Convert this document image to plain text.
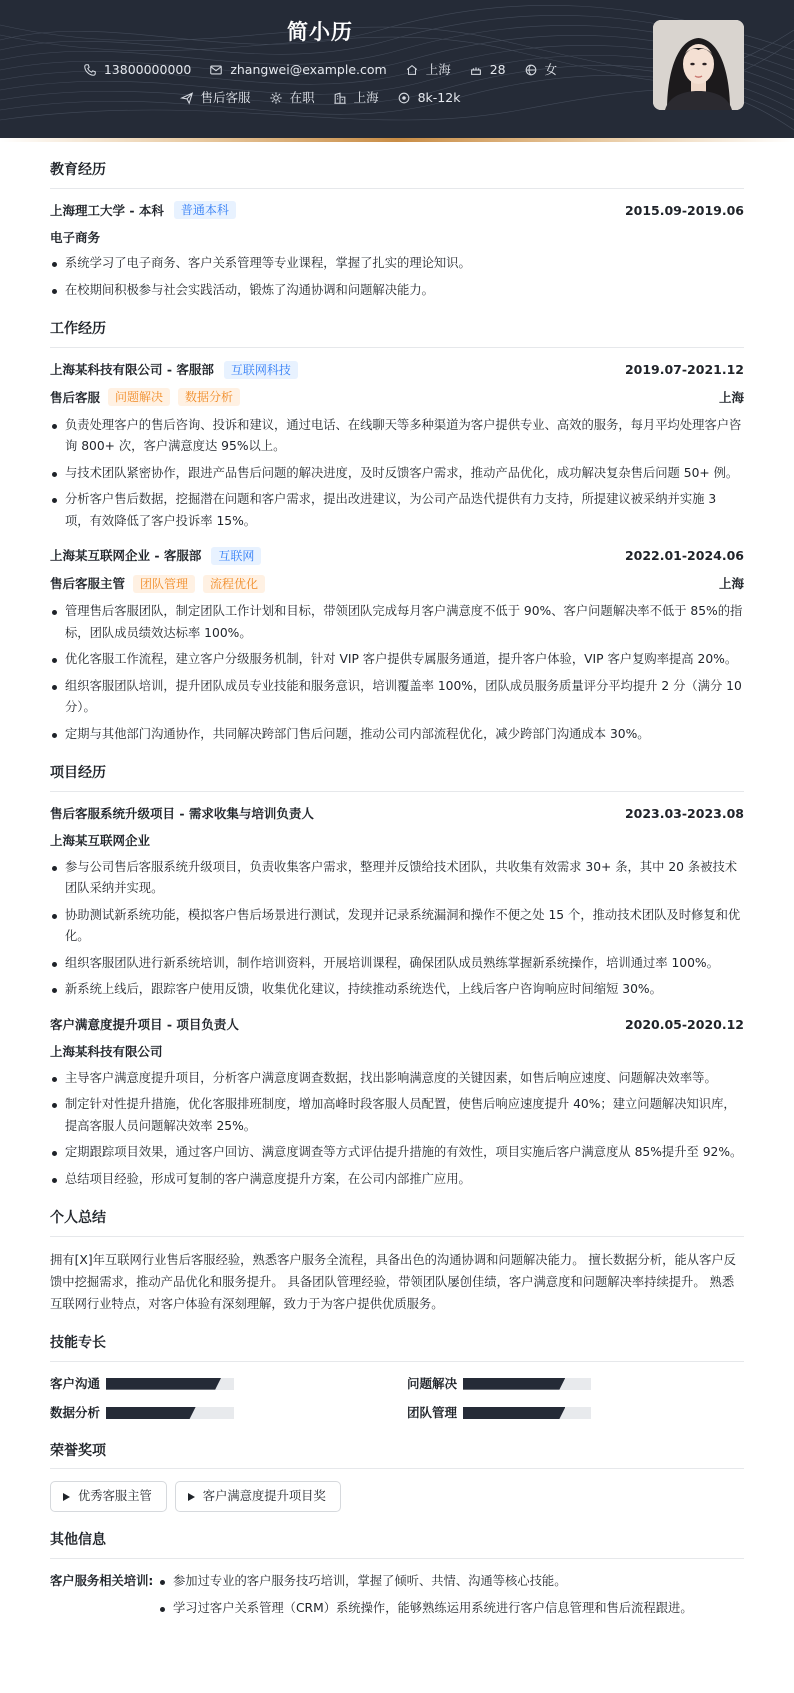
简小历
13800000000	zhangwei@example.com	上海	28	女
售后客服	在职	上海	8k-12k
教育经历
上海理工大学 - 本科	普通本科	2015.09-2019.06
电子商务
系统学习了电子商务、客户关系管理等专业课程，掌握了扎实的理论知识。
在校期间积极参与社会实践活动，锻炼了沟通协调和问题解决能力。
工作经历
上海某科技有限公司 - 客服部	互联网科技	2019.07-2021.12
售后客服	问题解决	数据分析	上海
负责处理客户的售后咨询、投诉和建议，通过电话、在线聊天等多种渠道为客户提供专业、高效的服务，每月平均处理客户咨询 800+ 次，客户满意度达 95%以上。
与技术团队紧密协作，跟进产品售后问题的解决进度，及时反馈客户需求，推动产品优化，成功解决复杂售后问题 50+ 例。
分析客户售后数据，挖掘潜在问题和客户需求，提出改进建议，为公司产品迭代提供有力支持，所提建议被采纳并实施 3 项，有效降低了客户投诉率 15%。
上海某互联网企业 - 客服部	互联网	2022.01-2024.06
售后客服主管	团队管理	流程优化	上海
管理售后客服团队，制定团队工作计划和目标，带领团队完成每月客户满意度不低于 90%、客户问题解决率不低于 85%的指标，团队成员绩效达标率 100%。
优化客服工作流程，建立客户分级服务机制，针对 VIP 客户提供专属服务通道，提升客户体验，VIP 客户复购率提高 20%。
组织客服团队培训，提升团队成员专业技能和服务意识，培训覆盖率 100%，团队成员服务质量评分平均提升 2 分（满分 10 分）。
定期与其他部门沟通协作，共同解决跨部门售后问题，推动公司内部流程优化，减少跨部门沟通成本 30%。
项目经历
售后客服系统升级项目 - 需求收集与培训负责人	2023.03-2023.08
上海某互联网企业
参与公司售后客服系统升级项目，负责收集客户需求，整理并反馈给技术团队，共收集有效需求 30+ 条，其中 20 条被技术团队采纳并实现。
协助测试新系统功能，模拟客户售后场景进行测试，发现并记录系统漏洞和操作不便之处 15 个，推动技术团队及时修复和优化。
组织客服团队进行新系统培训，制作培训资料，开展培训课程，确保团队成员熟练掌握新系统操作，培训通过率 100%。
新系统上线后，跟踪客户使用反馈，收集优化建议，持续推动系统迭代，上线后客户咨询响应时间缩短 30%。
客户满意度提升项目 - 项目负责人	2020.05-2020.12
上海某科技有限公司
主导客户满意度提升项目，分析客户满意度调查数据，找出影响满意度的关键因素，如售后响应速度、问题解决效率等。
制定针对性提升措施，优化客服排班制度，增加高峰时段客服人员配置，使售后响应速度提升 40%；建立问题解决知识库，提高客服人员问题解决效率 25%。
定期跟踪项目效果，通过客户回访、满意度调查等方式评估提升措施的有效性，项目实施后客户满意度从 85%提升至 92%。
总结项目经验，形成可复制的客户满意度提升方案，在公司内部推广应用。
个人总结
拥有[X]年互联网行业售后客服经验，熟悉客户服务全流程，具备出色的沟通协调和问题解决能力。 擅长数据分析，能从客户反馈中挖掘需求，推动产品优化和服务提升。 具备团队管理经验，带领团队屡创佳绩，客户满意度和问题解决率持续提升。 熟悉互联网行业特点，对客户体验有深刻理解，致力于为客户提供优质服务。
技能专长
客户沟通	问题解决
数据分析	团队管理
荣誉奖项
优秀客服主管	客户满意度提升项目奖
其他信息
客户服务相关培训:	参加过专业的客户服务技巧培训，掌握了倾听、共情、沟通等核心技能。
学习过客户关系管理（CRM）系统操作，能够熟练运用系统进行客户信息管理和售后流程跟进。
